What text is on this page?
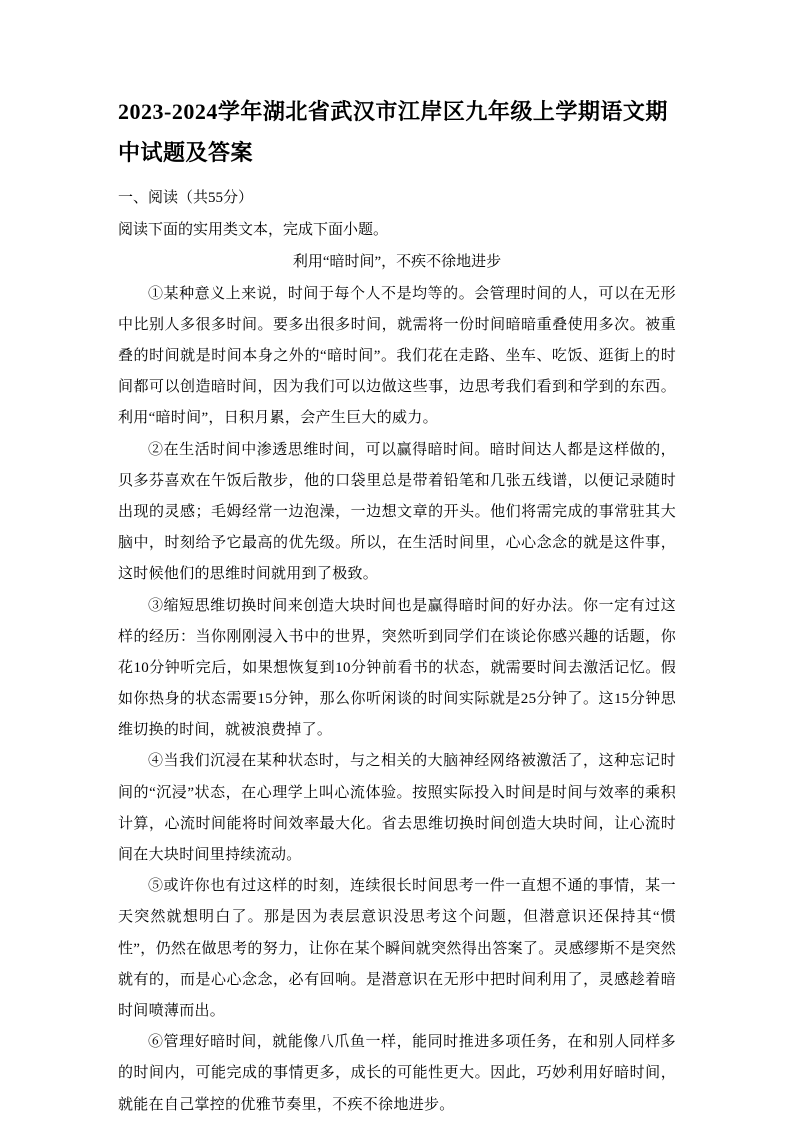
2023-2024学年湖北省武汉市江岸区九年级上学期语文期中试题及答案

一、阅读（共55分）

阅读下面的实用类文本，完成下面小题。

利用“暗时间”，不疾不徐地进步

①某种意义上来说，时间于每个人不是均等的。会管理时间的人，可以在无形中比别人多很多时间。要多出很多时间，就需将一份时间暗暗重叠使用多次。被重叠的时间就是时间本身之外的“暗时间”。我们花在走路、坐车、吃饭、逛街上的时间都可以创造暗时间，因为我们可以边做这些事，边思考我们看到和学到的东西。利用“暗时间”，日积月累，会产生巨大的威力。

②在生活时间中渗透思维时间，可以赢得暗时间。暗时间达人都是这样做的，贝多芬喜欢在午饭后散步，他的口袋里总是带着铅笔和几张五线谱，以便记录随时出现的灵感；毛姆经常一边泡澡，一边想文章的开头。他们将需完成的事常驻其大脑中，时刻给予它最高的优先级。所以，在生活时间里，心心念念的就是这件事，这时候他们的思维时间就用到了极致。

③缩短思维切换时间来创造大块时间也是赢得暗时间的好办法。你一定有过这样的经历：当你刚刚浸入书中的世界，突然听到同学们在谈论你感兴趣的话题，你花10分钟听完后，如果想恢复到10分钟前看书的状态，就需要时间去激活记忆。假如你热身的状态需要15分钟，那么你听闲谈的时间实际就是25分钟了。这15分钟思维切换的时间，就被浪费掉了。

④当我们沉浸在某种状态时，与之相关的大脑神经网络被激活了，这种忘记时间的“沉浸”状态，在心理学上叫心流体验。按照实际投入时间是时间与效率的乘积计算，心流时间能将时间效率最大化。省去思维切换时间创造大块时间，让心流时间在大块时间里持续流动。

⑤或许你也有过这样的时刻，连续很长时间思考一件一直想不通的事情，某一天突然就想明白了。那是因为表层意识没思考这个问题，但潜意识还保持其“惯性”，仍然在做思考的努力，让你在某个瞬间就突然得出答案了。灵感缪斯不是突然就有的，而是心心念念，必有回响。是潜意识在无形中把时间利用了，灵感趁着暗时间喷薄而出。

⑥管理好暗时间，就能像八爪鱼一样，能同时推进多项任务，在和别人同样多的时间内，可能完成的事情更多，成长的可能性更大。因此，巧妙利用好暗时间，就能在自己掌控的优雅节奏里，不疾不徐地进步。
